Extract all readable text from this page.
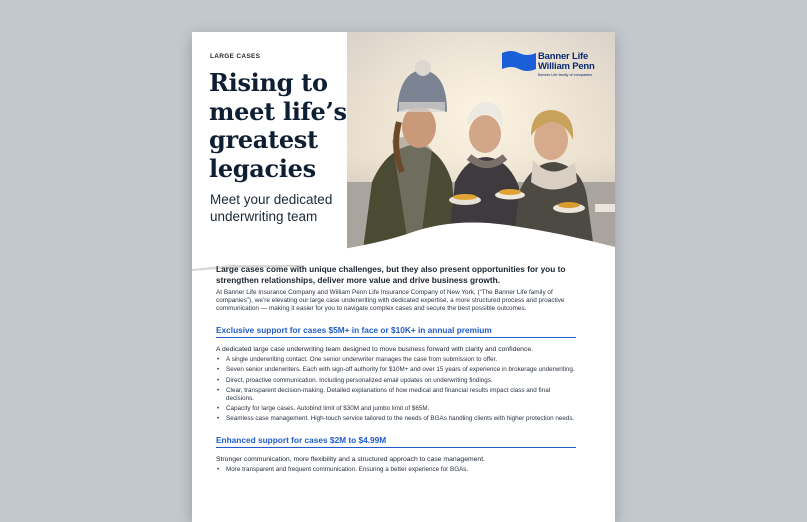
LARGE CASES
Rising to
meet life’s
greatest
legacies
Meet your dedicated underwriting team
Banner Life
William Penn
Banner Life family of companies

Large cases come with unique challenges, but they also present opportunities for you to strengthen relationships, deliver more value and drive business growth.

At Banner Life Insurance Company and William Penn Life Insurance Company of New York, (“The Banner Life family of companies”), we’re elevating our large case underwriting with dedicated expertise, a more structured process and proactive communication — making it easier for you to navigate complex cases and secure the best possible outcomes.

Exclusive support for cases $5M+ in face or $10K+ in annual premium

A dedicated large case underwriting team designed to move business forward with clarity and confidence.

• A single underwriting contact. One senior underwriter manages the case from submission to offer.
• Seven senior underwriters. Each with sign-off authority for $10M+ and over 15 years of experience in brokerage underwriting.
• Direct, proactive communication. Including personalized email updates on underwriting findings.
• Clear, transparent decision-making. Detailed explanations of how medical and financial results impact class and final decisions.
• Capacity for large cases. Autobind limit of $30M and jumbo limit of $65M.
• Seamless case management. High-touch service tailored to the needs of BGAs handling clients with higher protection needs.
Enhanced support for cases $2M to $4.99M

Stronger communication, more flexibility and a structured approach to case management.

• More transparent and frequent communication. Ensuring a better experience for BGAs.
